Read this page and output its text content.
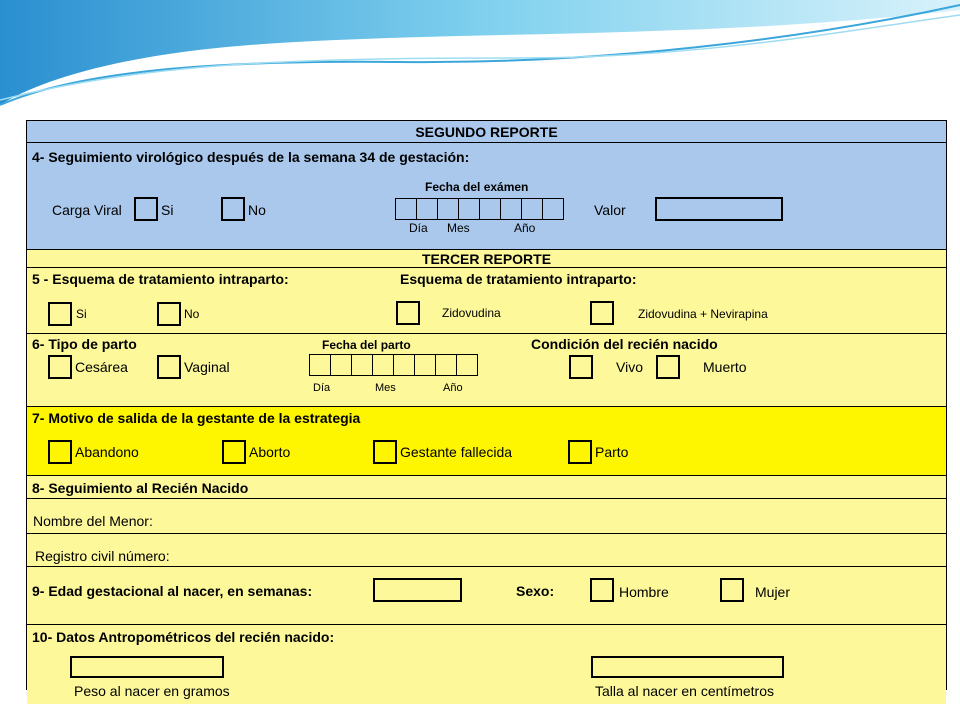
SEGUNDO REPORTE
4- Seguimiento virológico después de la semana 34 de gestación:
Carga Viral	Si	No
Fecha del exámen
Día Mes	Año
Valor
TERCER REPORTE
5 - Esquema de tratamiento intraparto:	Esquema de tratamiento intraparto:
Si	No	Zidovudina	Zidovudina + Nevirapina
6- Tipo de parto
Cesárea	Vaginal
Fecha del parto
Día	Mes	Año
Condición del recién nacido
Vivo	Muerto
7- Motivo de salida de la gestante de la estrategia
Abandono	Aborto	Gestante fallecida	Parto
8- Seguimiento al Recién Nacido
Nombre del Menor:
Registro civil número:
9- Edad gestacional al nacer, en semanas:	Sexo:	Hombre	Mujer
10- Datos Antropométricos del recién nacido:
Peso al nacer en gramos	Talla al nacer en centímetros
